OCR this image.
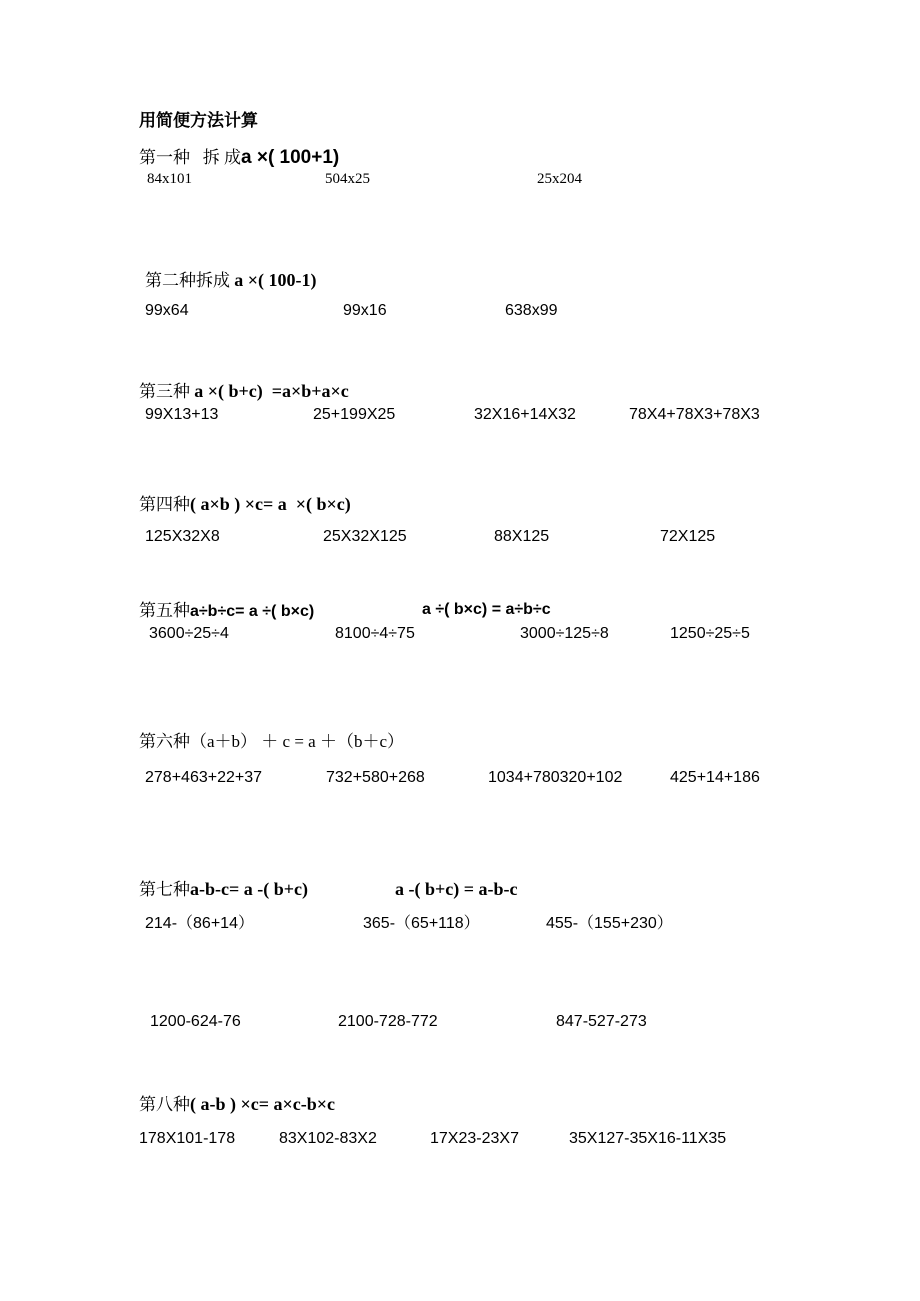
用简便方法计算
第一种   拆 成a ×( 100+1)
84x101	504x25	25x204
第二种拆成 a ×( 100-1)
99x64	99x16	638x99
第三种 a ×( b+c)  =a×b+a×c
99X13+13	25+199X25	32X16+14X32	78X4+78X3+78X3
第四种( a×b ) ×c= a  ×( b×c)
125X32X8	25X32X125	88X125	72X125
第五种a÷b÷c= a ÷( b×c)	a ÷( b×c) = a÷b÷c
3600÷25÷4	8100÷4÷75	3000÷125÷8	1250÷25÷5
第六种（a＋b） ＋ c = a ＋（b＋c）
278+463+22+37	732+580+268	1034+780320+102	425+14+186
第七种a-b-c= a -( b+c)	a -( b+c) = a-b-c
214-（86+14）	365-（65+118）	455-（155+230）
1200-624-76	2100-728-772	847-527-273
第八种( a-b ) ×c= a×c-b×c
178X101-178	83X102-83X2	17X23-23X7	35X127-35X16-11X35
